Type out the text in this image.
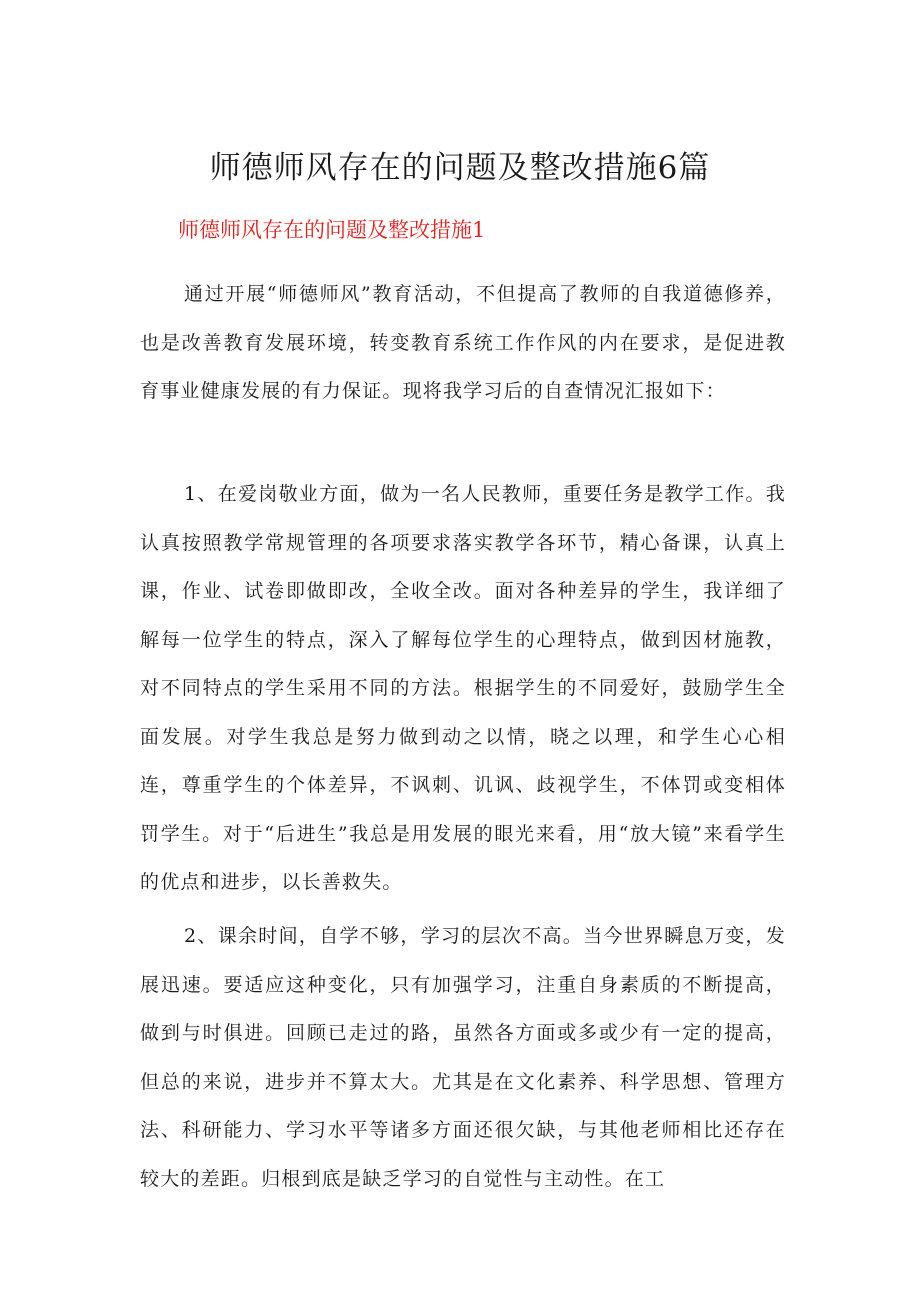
师德师风存在的问题及整改措施6篇
师德师风存在的问题及整改措施1

通过开展“师德师风”教育活动，不但提高了教师的自我道德修养，也是改善教育发展环境，转变教育系统工作作风的内在要求，是促进教育事业健康发展的有力保证。现将我学习后的自查情况汇报如下：

1、在爱岗敬业方面，做为一名人民教师，重要任务是教学工作。我认真按照教学常规管理的各项要求落实教学各环节，精心备课，认真上课，作业、试卷即做即改，全收全改。面对各种差异的学生，我详细了解每一位学生的特点，深入了解每位学生的心理特点，做到因材施教，对不同特点的学生采用不同的方法。根据学生的不同爱好，鼓励学生全面发展。对学生我总是努力做到动之以情，晓之以理，和学生心心相连，尊重学生的个体差异，不讽刺、讥讽、歧视学生，不体罚或变相体罚学生。对于“后进生”我总是用发展的眼光来看，用“放大镜”来看学生的优点和进步，以长善救失。

2、课余时间，自学不够，学习的层次不高。当今世界瞬息万变，发展迅速。要适应这种变化，只有加强学习，注重自身素质的不断提高，做到与时俱进。回顾已走过的路，虽然各方面或多或少有一定的提高，但总的来说，进步并不算太大。尤其是在文化素养、科学思想、管理方法、科研能力、学习水平等诸多方面还很欠缺，与其他老师相比还存在较大的差距。归根到底是缺乏学习的自觉性与主动性。在工
